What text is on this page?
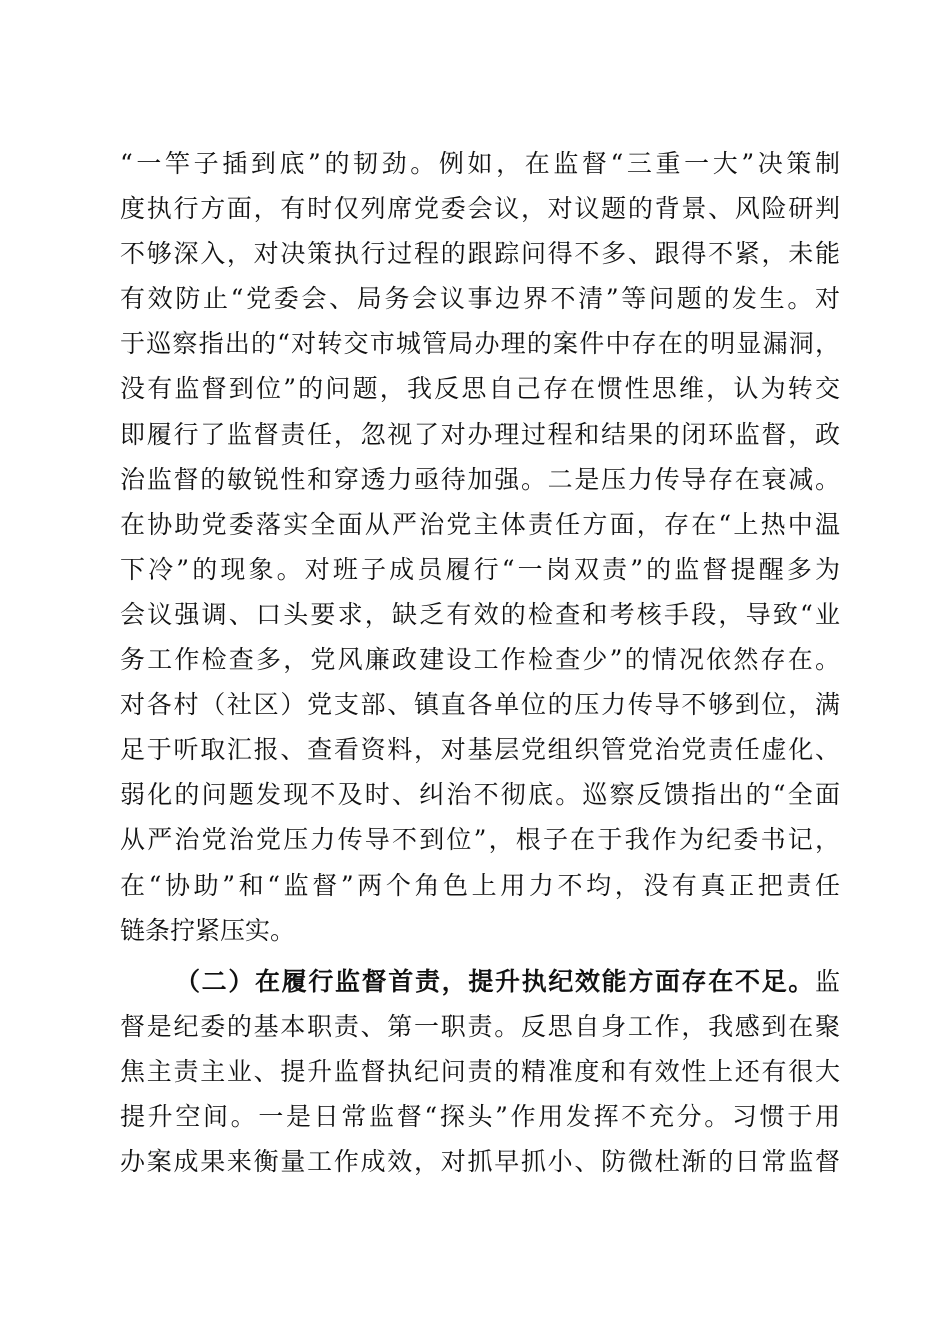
“一竿子插到底”的韧劲。例如，在监督“三重一大”决策制
度执行方面，有时仅列席党委会议，对议题的背景、风险研判
不够深入，对决策执行过程的跟踪问得不多、跟得不紧，未能
有效防止“党委会、局务会议事边界不清”等问题的发生。对
于巡察指出的“对转交市城管局办理的案件中存在的明显漏洞，
没有监督到位”的问题，我反思自己存在惯性思维，认为转交
即履行了监督责任，忽视了对办理过程和结果的闭环监督，政
治监督的敏锐性和穿透力亟待加强。二是压力传导存在衰减。
在协助党委落实全面从严治党主体责任方面，存在“上热中温
下冷”的现象。对班子成员履行“一岗双责”的监督提醒多为
会议强调、口头要求，缺乏有效的检查和考核手段，导致“业
务工作检查多，党风廉政建设工作检查少”的情况依然存在。
对各村（社区）党支部、镇直各单位的压力传导不够到位，满
足于听取汇报、查看资料，对基层党组织管党治党责任虚化、
弱化的问题发现不及时、纠治不彻底。巡察反馈指出的“全面
从严治党治党压力传导不到位”，根子在于我作为纪委书记，
在“协助”和“监督”两个角色上用力不均，没有真正把责任
链条拧紧压实。
（二）在履行监督首责，提升执纪效能方面存在不足。监
督是纪委的基本职责、第一职责。反思自身工作，我感到在聚
焦主责主业、提升监督执纪问责的精准度和有效性上还有很大
提升空间。一是日常监督“探头”作用发挥不充分。习惯于用
办案成果来衡量工作成效，对抓早抓小、防微杜渐的日常监督
